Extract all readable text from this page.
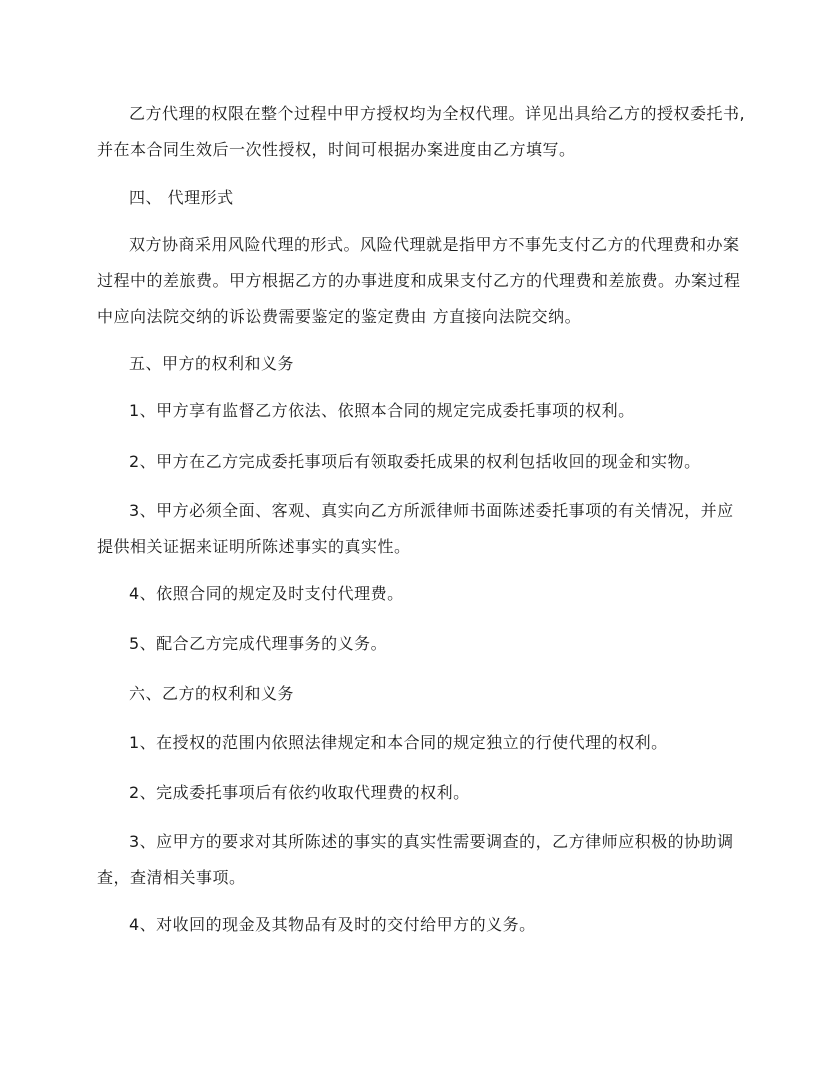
乙方代理的权限在整个过程中甲方授权均为全权代理。详见出具给乙方的授权委托书,
并在本合同生效后一次性授权，时间可根据办案进度由乙方填写。
四、 代理形式
双方协商采用风险代理的形式。风险代理就是指甲方不事先支付乙方的代理费和办案
过程中的差旅费。甲方根据乙方的办事进度和成果支付乙方的代理费和差旅费。办案过程
中应向法院交纳的诉讼费需要鉴定的鉴定费由 方直接向法院交纳。
五、甲方的权利和义务
1、甲方享有监督乙方依法、依照本合同的规定完成委托事项的权利。
2、甲方在乙方完成委托事项后有领取委托成果的权利包括收回的现金和实物。
3、甲方必须全面、客观、真实向乙方所派律师书面陈述委托事项的有关情况，并应
提供相关证据来证明所陈述事实的真实性。
4、依照合同的规定及时支付代理费。
5、配合乙方完成代理事务的义务。
六、乙方的权利和义务
1、在授权的范围内依照法律规定和本合同的规定独立的行使代理的权利。
2、完成委托事项后有依约收取代理费的权利。
3、应甲方的要求对其所陈述的事实的真实性需要调查的，乙方律师应积极的协助调
查，查清相关事项。
4、对收回的现金及其物品有及时的交付给甲方的义务。
